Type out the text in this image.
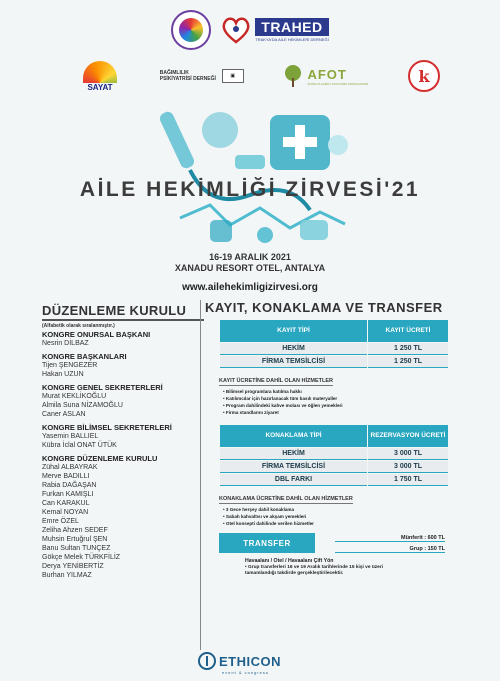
TRAHED
TRAKYA'DA AİLE HEKİMLERİ DERNEĞİ
SAYAT
BAĞIMLILIK PSİKİYATRİSİ DERNEĞİ	▣	AFOT
ANTALYA FAMİLY DOCTORS ASSOCIATION	k
AİLE HEKİMLİĞİ ZİRVESİ'21
16-19 ARALIK 2021
XANADU RESORT OTEL, ANTALYA
www.ailehekimligizirvesi.org
DÜZENLEME KURULU
(Alfabetik olarak sıralanmıştır.)
KONGRE ONURSAL BAŞKANI
Nesrin DİLBAZ
KONGRE BAŞKANLARI
Tijen ŞENGEZER
Hakan UZUN
KONGRE GENEL SEKRETERLERİ
Murat KEKLİKOĞLU
Almila Suna NİZAMOĞLU
Caner ASLAN
KONGRE BİLİMSEL SEKRETERLERİ
Yasemin BALLIEL
Kübra İclal ONAT ÜTÜK
KONGRE DÜZENLEME KURULU
Zühal ALBAYRAK
Merve BADILLI
Rabia DAĞAŞAN
Furkan KAMIŞLI
Can KARAKUL
Kemal NOYAN
Emre ÖZEL
Zeliha Ahzen SEDEF
Muhsin Ertuğrul ŞEN
Banu Sultan TUNÇEZ
Gökçe Melek TÜRKFİLİZ
Derya YENİBERTİZ
Burhan YILMAZ
KAYIT, KONAKLAMA VE TRANSFER
KAYIT TİPİ	KAYIT ÜCRETİ
HEKİM	1 250 TL
FİRMA TEMSİLCİSİ	1 250 TL
KAYIT ÜCRETİNE DAHİL OLAN HİZMETLER
• Bilimsel programlara katılma hakkı
• Katılımcılar için hazırlanacak tüm basılı materyaller
• Program dahilindeki kahve molası ve öğlen yemekleri
• Firma standlarını ziyaret
KONAKLAMA TİPİ	REZERVASYON ÜCRETİ
HEKİM	3 000 TL
FİRMA TEMSİLCİSİ	3 000 TL
DBL FARKI	1 750 TL
KONAKLAMA ÜCRETİNE DAHİL OLAN HİZMETLER
• 3 Gece herşey dahil konaklama
• Sabah kahvaltısı ve akşam yemekleri
• Otel konsepti dahilinde verilen hizmetler
TRANSFER
Münferit : 600 TL
Grup : 150 TL
Havaalanı / Otel / Havaalanı Çift Yön
• Grup transferleri 16 ve 19 Aralık tarihlerinde 15 kişi ve üzeri tamamlandığı takdirde gerçekleştirilecektir.
ETHICON
event & congress
